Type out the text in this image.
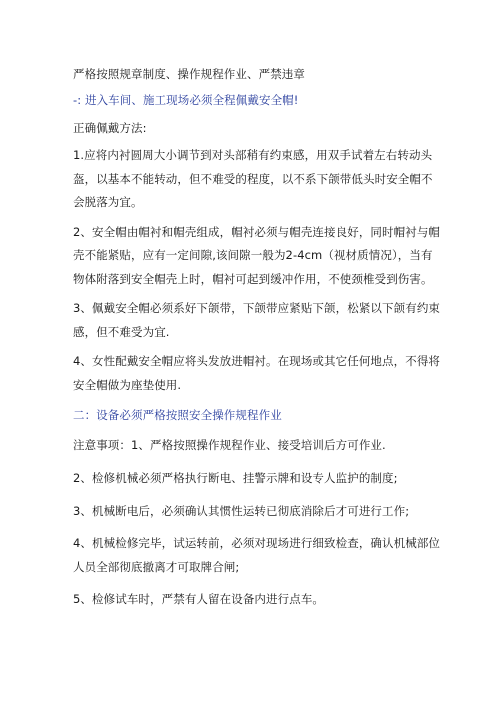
严格按照规章制度、操作规程作业、严禁违章

-: 进入车间、施工现场必须全程佩戴安全帽!

正确佩戴方法:

1.应将内衬圆周大小调节到对头部稍有约束感，用双手试着左右转动头盔，以基本不能转动，但不难受的程度，以不系下颌带低头时安全帽不会脱落为宜。

2、安全帽由帽衬和帽壳组成，帽衬必须与帽壳连接良好，同时帽衬与帽壳不能紧贴，应有一定间隙,该间隙一般为2-4cm（视材质情况），当有物体附落到安全帽壳上时，帽衬可起到缓冲作用，不使颈椎受到伤害。

3、佩戴安全帽必须系好下颌带，下颌带应紧贴下颌，松紧以下颌有约束感，但不难受为宜.

4、女性配戴安全帽应将头发放进帽衬。在现场或其它任何地点，不得将安全帽做为座垫使用.

二：设备必须严格按照安全操作规程作业

注意事项：1、严格按照操作规程作业、接受培训后方可作业.

2、检修机械必须严格执行断电、挂警示牌和设专人监护的制度;

3、机械断电后，必须确认其惯性运转已彻底消除后才可进行工作;

4、机械检修完毕，试运转前，必须对现场进行细致检查，确认机械部位人员全部彻底撤离才可取牌合闸;

5、检修试车时，严禁有人留在设备内进行点车。
